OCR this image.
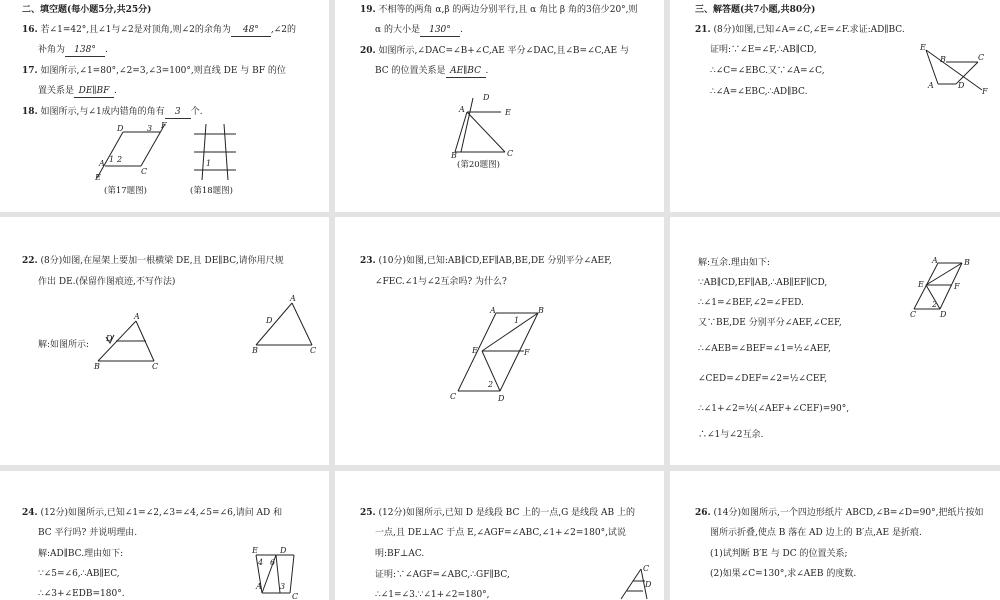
二、填空题(每小题5分,共25分)
16. 若∠1=42°,且∠1与∠2是对顶角,则∠2的余角为 48° ,∠2的
补角为 138° .
17. 如图所示,∠1=80°,∠2=3,∠3=100°,则直线 DE 与 BF 的位
置关系是 DE∥BF .
18. 如图所示,与∠1成内错角的角有 3 个.
D	3 F
A 1 2
C
E
1
(第17题图)	(第18题图)
19. 不相等的两角 α,β 的两边分别平行,且 α 角比 β 角的3倍少20°,则
α 的大小是 130° .
20. 如图所示,∠DAC=∠B+∠C,AE 平分∠DAC,且∠B=∠C,AE 与
BC 的位置关系是 AE∥BC .
D
A	E
B	C
(第20题图)
三、解答题(共7小题,共80分)
21. (8分)如图,已知∠A=∠C,∠E=∠F.求证:AD∥BC.
证明:∵∠E=∠F,∴AB∥CD,
∴∠C=∠EBC.又∵∠A=∠C,
∴∠A=∠EBC,∴AD∥BC.
E
B	C
A	D
F
22. (8分)如图,在屋架上要加一根横梁 DE,且 DE∥BC,请你用尺规
作出 DE.(保留作图痕迹,不写作法)
解:如图所示:
A
D
B	C
A
D
B	C
23. (10分)如图,已知:AB∥CD,EF∥AB,BE,DE 分别平分∠AEF,
∠FEC.∠1与∠2互余吗? 为什么?
A	B
1
E	F
2
C	D
解:互余.理由如下:
∵AB∥CD,EF∥AB,∴AB∥EF∥CD,
∴∠1=∠BEF,∠2=∠FED.
又∵BE,DE 分别平分∠AEF,∠CEF,
∴∠AEB=∠BEF=∠1=½∠AEF,
∠CED=∠DEF=∠2=½∠CEF,
∴∠1+∠2=½(∠AEF+∠CEF)=90°,
∴∠1与∠2互余.
A	B
E	F
2
C	D
24. (12分)如图所示,已知∠1=∠2,∠3=∠4,∠5=∠6,请问 AD 和
BC 平行吗? 并说明理由.
解:AD∥BC.理由如下:
∵∠5=∠6,∴AB∥EC,
∴∠3+∠EDB=180°.
E	D
4 6
A 3
C
25. (12分)如图所示,已知 D 是线段 BC 上的一点,G 是线段 AB 上的
一点,且 DE⊥AC 于点 E,∠AGF=∠ABC,∠1+∠2=180°,试说
明:BF⊥AC.
证明:∵∠AGF=∠ABC,∴GF∥BC,
∴∠1=∠3.∵∠1+∠2=180°,
C
D
26. (14分)如图所示,一个四边形纸片 ABCD,∠B=∠D=90°,把纸片按如
图所示折叠,使点 B 落在 AD 边上的 B′点,AE 是折痕.
(1)试判断 B′E 与 DC 的位置关系;
(2)如果∠C=130°,求∠AEB 的度数.
